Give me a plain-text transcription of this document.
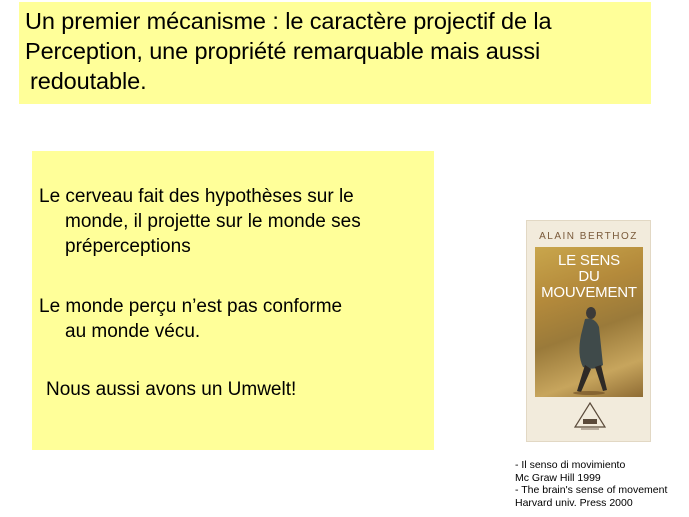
Un premier mécanisme : le caractère projectif de la
Perception, une propriété remarquable mais aussi
redoutable.
Le cerveau fait des hypothèses sur le
monde, il projette sur le monde ses
préperceptions
Le monde perçu n’est pas conforme
au monde vécu.
Nous aussi avons un Umwelt!
ALAIN BERTHOZ
LE SENS
DU MOUVEMENT
- Il senso di movimiento
Mc Graw Hill 1999
- The brain's sense of movement
Harvard univ. Press 2000
